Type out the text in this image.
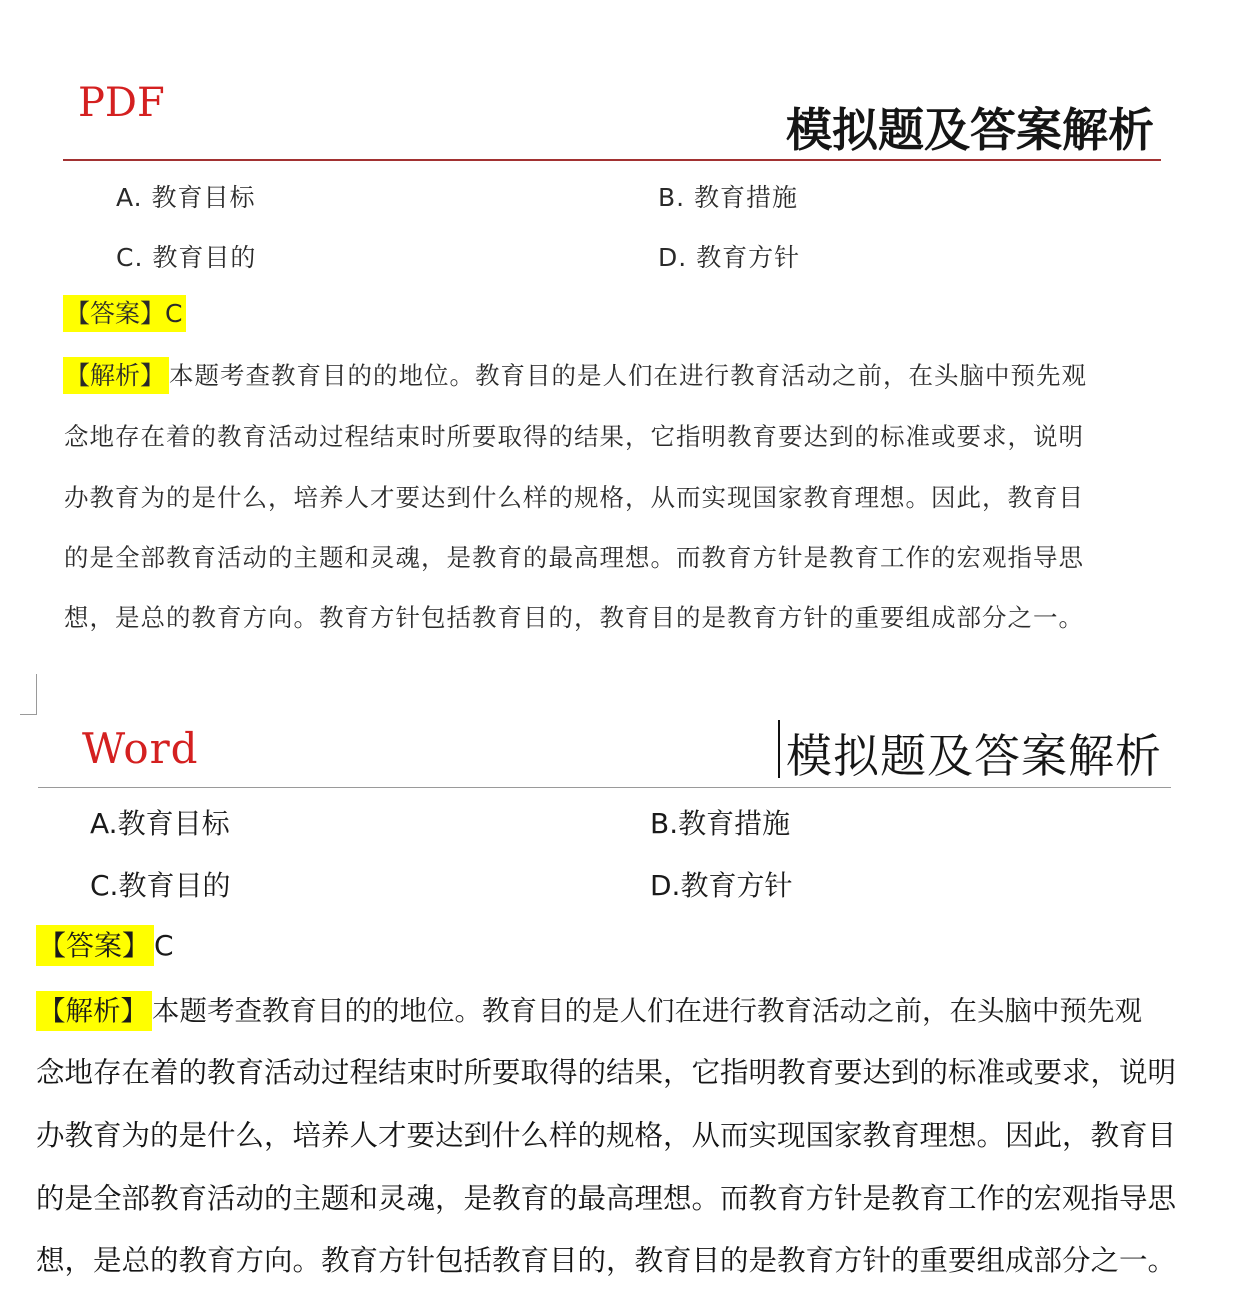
PDF	模拟题及答案解析
A. 教育目标	B. 教育措施
C. 教育目的	D. 教育方针
【答案】C
【解析】 本题考查教育目的的地位。教育目的是人们在进行教育活动之前，在头脑中预先观
念地存在着的教育活动过程结束时所要取得的结果，它指明教育要达到的标准或要求，说明
办教育为的是什么，培养人才要达到什么样的规格，从而实现国家教育理想。因此，教育目
的是全部教育活动的主题和灵魂，是教育的最高理想。而教育方针是教育工作的宏观指导思
想，是总的教育方向。教育方针包括教育目的，教育目的是教育方针的重要组成部分之一。
Word	模拟题及答案解析
A.教育目标	B.教育措施
C.教育目的	D.教育方针
【答案】 C
【解析】 本题考查教育目的的地位。教育目的是人们在进行教育活动之前，在头脑中预先观
念地存在着的教育活动过程结束时所要取得的结果，它指明教育要达到的标准或要求，说明
办教育为的是什么，培养人才要达到什么样的规格，从而实现国家教育理想。因此，教育目
的是全部教育活动的主题和灵魂，是教育的最高理想。而教育方针是教育工作的宏观指导思
想，是总的教育方向。教育方针包括教育目的，教育目的是教育方针的重要组成部分之一。
